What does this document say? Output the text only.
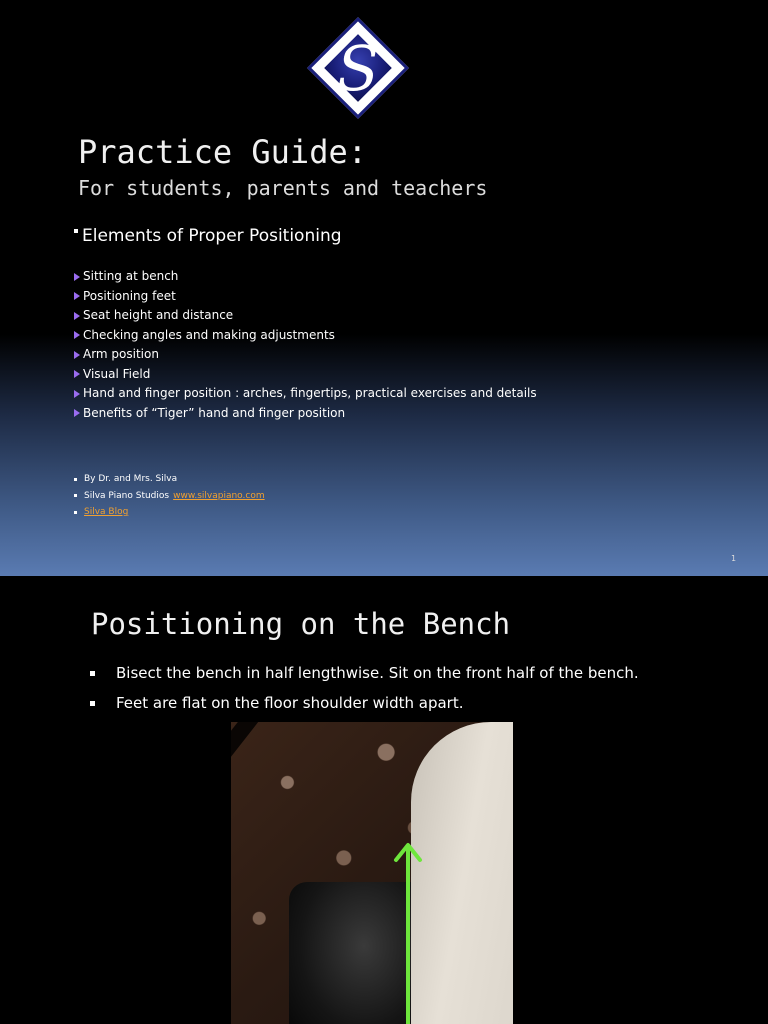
S
Practice Guide:
For students, parents and teachers
Elements of Proper Positioning
Sitting at bench
Positioning feet
Seat height and distance
Checking angles and making adjustments
Arm position
Visual Field
Hand and finger position : arches, fingertips, practical exercises and details
Benefits of “Tiger” hand and finger position
By Dr. and Mrs. Silva
Silva Piano Studios www.silvapiano.com
Silva Blog
1
Positioning on the Bench
Bisect the bench in half lengthwise. Sit on the front half of the bench.
Feet are flat on the floor shoulder width apart.
